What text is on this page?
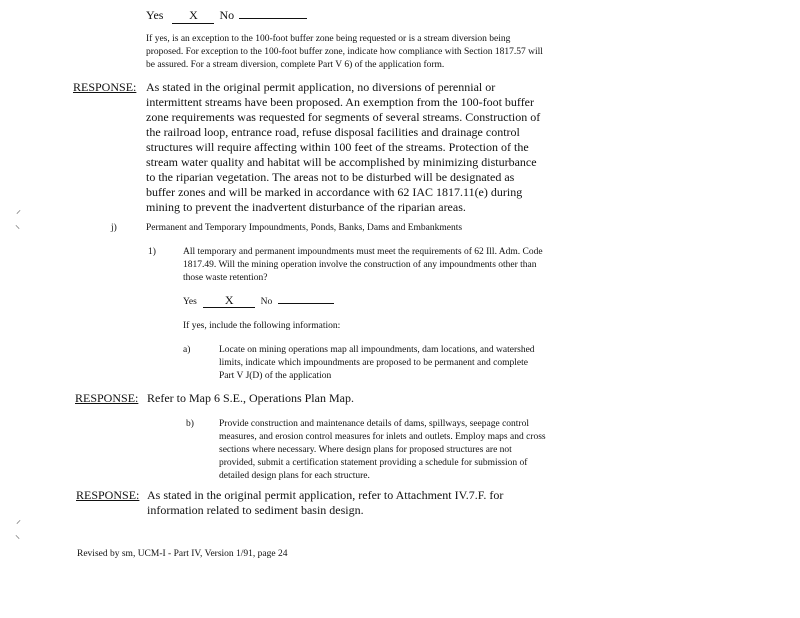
Yes X No
If yes, is an exception to the 100-foot buffer zone being requested or is a stream diversion being proposed. For exception to the 100-foot buffer zone, indicate how compliance with Section 1817.57 will be assured. For a stream diversion, complete Part V 6) of the application form.
RESPONSE: As stated in the original permit application, no diversions of perennial or intermittent streams have been proposed. An exemption from the 100-foot buffer zone requirements was requested for segments of several streams. Construction of the railroad loop, entrance road, refuse disposal facilities and drainage control structures will require affecting within 100 feet of the streams. Protection of the stream water quality and habitat will be accomplished by minimizing disturbance to the riparian vegetation. The areas not to be disturbed will be designated as buffer zones and will be marked in accordance with 62 IAC 1817.11(e) during mining to prevent the inadvertent disturbance of the riparian areas.
j)	Permanent and Temporary Impoundments, Ponds, Banks, Dams and Embankments
1)	All temporary and permanent impoundments must meet the requirements of 62 Ill. Adm. Code 1817.49. Will the mining operation involve the construction of any impoundments other than those waste retention?
Yes X	No
If yes, include the following information:
a)	Locate on mining operations map all impoundments, dam locations, and watershed limits, indicate which impoundments are proposed to be permanent and complete Part V J(D) of the application
RESPONSE: Refer to Map 6 S.E., Operations Plan Map.
b)	Provide construction and maintenance details of dams, spillways, seepage control measures, and erosion control measures for inlets and outlets. Employ maps and cross sections where necessary. Where design plans for proposed structures are not provided, submit a certification statement providing a schedule for submission of detailed design plans for each structure.
RESPONSE: As stated in the original permit application, refer to Attachment IV.7.F. for information related to sediment basin design.
Revised by sm, UCM-I - Part IV, Version 1/91, page 24
⸝
⸜
⸝
⸜
